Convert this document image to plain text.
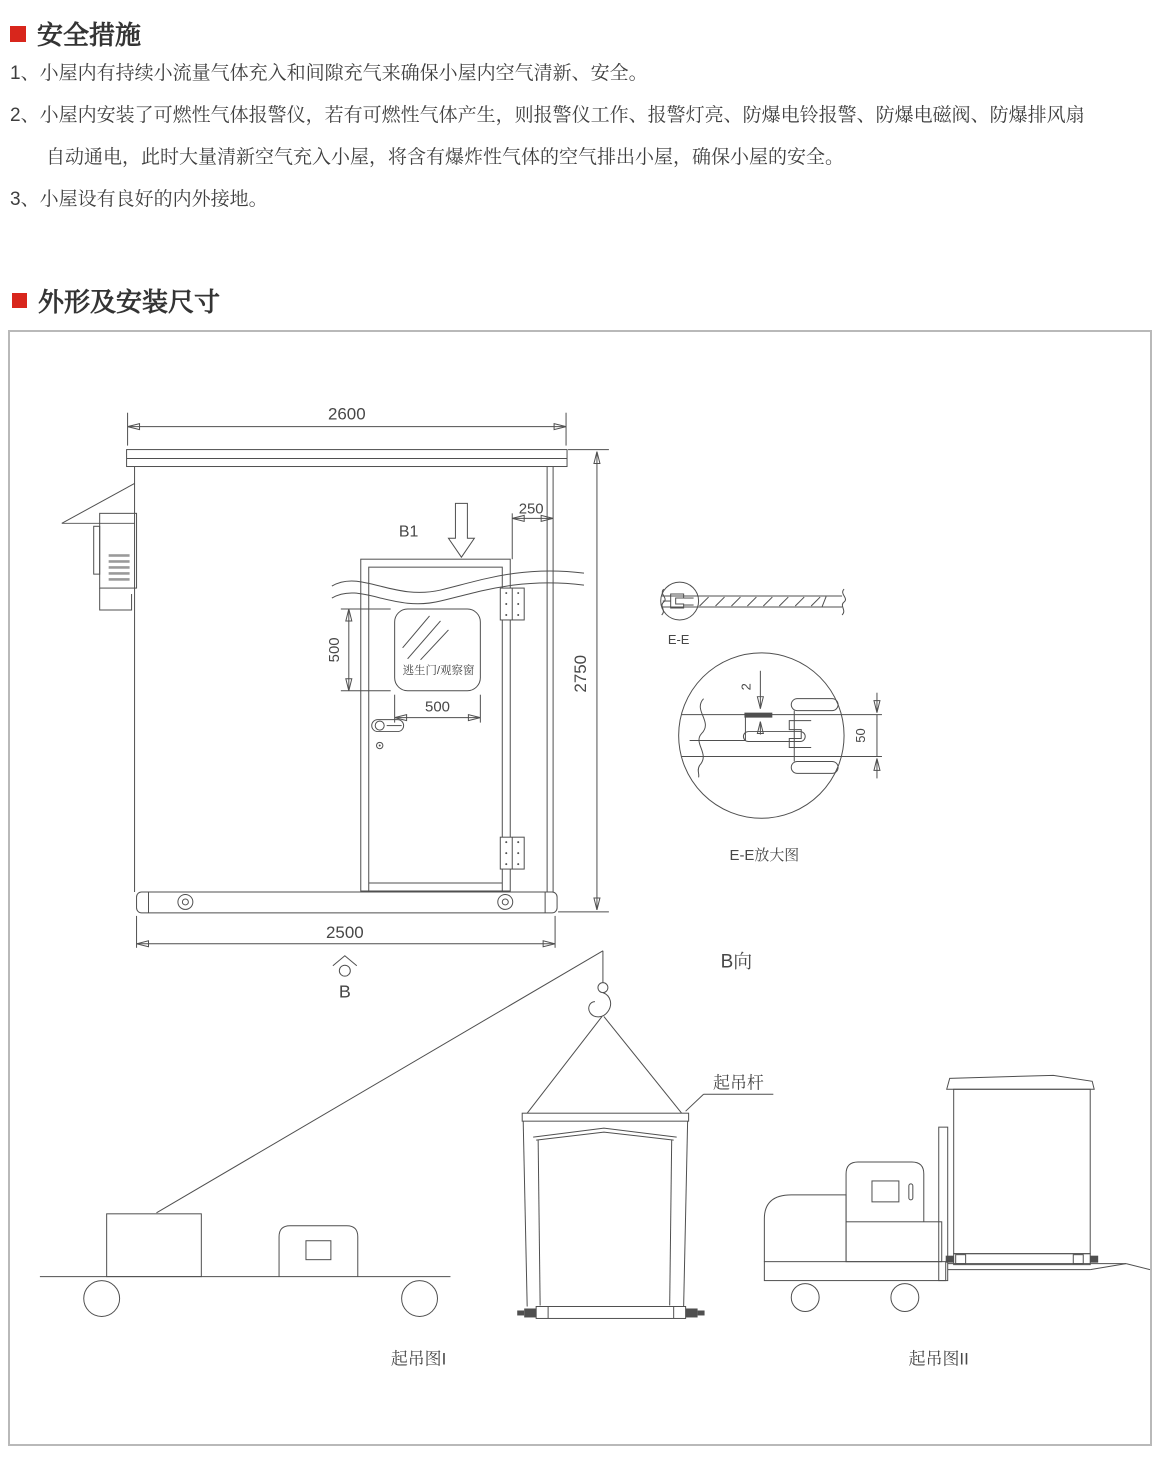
安全措施
1、小屋内有持续小流量气体充入和间隙充气来确保小屋内空气清新、安全。
2、小屋内安装了可燃性气体报警仪，若有可燃性气体产生，则报警仪工作、报警灯亮、防爆电铃报警、防爆电磁阀、防爆排风扇
自动通电，此时大量清新空气充入小屋，将含有爆炸性气体的空气排出小屋，确保小屋的安全。
3、小屋设有良好的内外接地。
外形及安装尺寸
逃生门/观察窗
2600
2750
250
500
500
2500
B1
B
E-E
2
50
E-E放大图
B向
起吊杆
起吊图I	起吊图II
